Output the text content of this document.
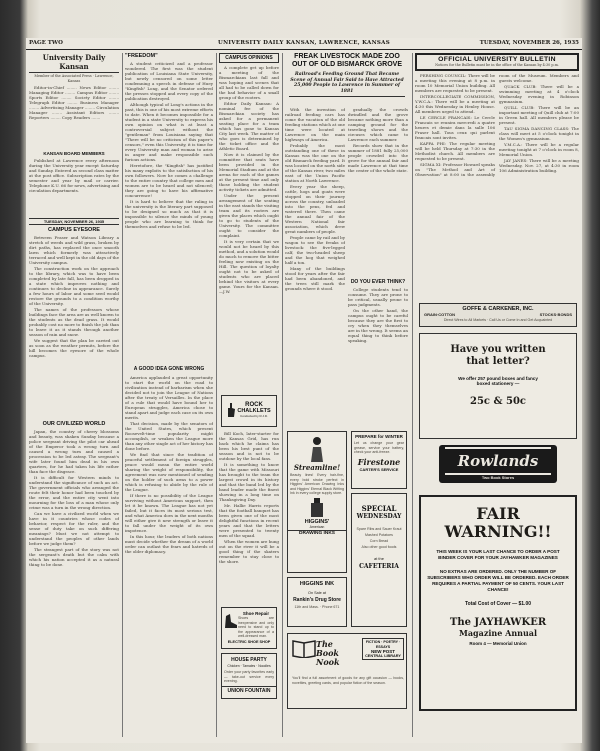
PAGE TWO	UNIVERSITY DAILY KANSAN, LAWRENCE, KANSAS	TUESDAY, NOVEMBER 26, 1935
University Daily Kansan
Member of the Associated Press · Lawrence, Kansas

Editor-in-Chief ........ News Editor ........ Managing Editor ........ Campus Editor ........ Sports Editor ........ Society Editor ........ Telegraph Editor ........ Business Manager ........ Advertising Manager ........ Circulation Manager ........ Assistant Editors ........ Reporters ........ Copy Readers .......

KANSAN BOARD MEMBERS

Published at Lawrence every afternoon during the University year except Saturday and Sunday. Entered as second class matter at the post office. Subscription rates by the semester and year by mail or carrier. Telephone K.U. 66 for news, advertising and circulation departments.

TUESDAY, NOVEMBER 26, 1935
CAMPUS EYESORE

Between Fraser and Watson Library a stretch of weeds and wild grass, broken by dirt paths, has replaced the once smooth lawn which formerly was attractively terraced and well kept in the old days of the University campus.

The construction work on the approach to the library, which was to have been completed by late fall, has been dropped in a state which improves nothing and continues to decline in appearance. Surely a few hours of labor and some seed would restore the grounds to a condition worthy of the University.

The names of the professors whose buildings face the area are as well known to the students as the dead grass. It would probably cost no more to finish the job than to leave it as it stands through another season of rain and snow.

We suggest that the plan be carried out as soon as the weather permits, before the hill becomes the eyesore of the whole campus.

OUR CIVILIZED WORLD

Japan, the country of cherry blossoms and beauty, was shaken Sunday because a police sergeant driving the pilot car ahead of the Emperor took a wrong turn and caused a wrong turn and caused a procession to be led astray. The sergeant's wife later found him dead in his own quarters, for he had taken his life rather than face the disgrace.

It is difficult for Western minds to understand the significance of such an act. The government officials who arranged the route felt their honor had been touched by the error, and the entire city went into mourning for the loss of a man whose only crime was a turn in the wrong direction.

Can we have a civilized world when we have in it countries whose codes of behavior, respect for the ruler, and the sense of duty take on such differing meanings? Must we not attempt to understand the peoples of other lands before we judge them?

The strangest part of the story was not the sergeant's death but the calm with which his nation accepted it as a natural thing to be done.

"FREEDOM"

A student criticized and a professor wondered. The first was the student publication of Louisiana State University, but newly censored on some letter condemning a speech in defense of Huey "Kingfish" Long, and the Senator ordered the presses stopped and every copy of the publication destroyed.

Although typical of Long's actions in the past, this is one of his most extreme efforts to date. When it becomes impossible for a student in a state University to express his own opinion on what is at least a controversial subject without the "gentleman" from Louisiana saying that "There will be no criticism of this paper's censors," even this University, it is time for every University man and woman to arise in anger and make responsible such furious actions.

Heretofore, the "Kingfish" has justified his many exploits to the satisfaction of his own followers. Now he comes a challenge to the entire country that college men and women are to be heard and not silenced; they are going to have his affirmative concurrence!

It is hard to believe that the ruling in the university is the literary part supposed to be designed so much as that it is impossible to silence the minds of young people who are learning to think for themselves and refuse to be led.

A GOOD IDEA GONE WRONG

America applauded a great opportunity to start the world on the road to civilization instead of barbarism when she decided not to join the League of Nations after the treaty of Versailles. In the place of a rule that would have bound her to European struggles, America chose to stand apart and judge each case on its own merits.

That decision, made by the senators of the United States, which present Roosevelt-time popularity might accomplish, or weaken the League more than any other single act of her history has done before.

We find that since the tradition of peaceful settlement of foreign struggles, peace would mean the entire world sharing the weight of responsibility, the agreement was now mentioned of sending on the holder of such arms to a power which is refusing to abide by the rule of the League.

If there is no possibility of the League surviving without American support, then let it be known. The League has not yet failed, but it faces its most serious test, and what America does in the next months will either give it new strength or leave it to fall under the weight of its own impotence.

In this hour, the leaders of both nations must decide whether the dream of a world order can outlast the fears and hatreds of the older diplomacy.

CAMPUS OPINIONS

A complete get up before a meeting of the Bismarckians last fall and was hoping and scenes that all had to be called down for the bad behavior of a small group of the rooters.

Editor Daily Kansan: A nominal fee of the Bismarckian society has asked for a permanent seating place for a team which has gone to Kansas City last week. The matter of who goes is determined by the ticket office and the Athletic Board.

Now it is claimed by the committee that seats have been provided in the Memorial Stadium and at the arena for each of the games at the present time and only those holding the student activity tickets are admitted.

Under the present arrangement of the seating in the east stands the visiting team and its rooters are given the places which ought to go to students of the University. The committee ought to consider the complaint.

It is very certain that we would not be heard by this method, and a solution would do much to remove the bitter feeling now existing on the Hill. The question of loyalty ought not to be asked of students who are placed behind the visitors at every game. Yours for the Kansan. —J.W.

ROCK
CHALKLETS
Conducted by R.J.D.

Bill Koch, later-starter for the Kansas Grid, has run back which he claims has been his best punt of the season and is not to be outdone by the local fans.

It is something to know that the game with Missouri has brought to the team the largest crowd in its history and that the band led by the band leader made the finest showing in a long time on Thanksgiving Day.

Mr. Hallie Harris reports that the football banquet has been given one of the most delightful functions in recent years and that the letters were presented to twenty men of the squad.

When the women are hung out on the river it will be a good thing if the skaters remember to stay close to the shore.

Shoe Repair
Shoes are inexpensive and only need to stand up to the appearance of a well-dressed man.
ELECTRIC SHOE SHOP
HOUSE PARTY
Chicken · Tamales · Noodles
Order your party favorites early — take-out service every evening.
UNION FOUNTAIN
FREAK LIVESTOCK MADE ZOO OUT OF OLD BISMARCK GROVE
Railroad's Feeding Ground That Became Scene of Annual Fair Said to Have Attracted 25,000 People to Lawrence in Summer of 1881

With the invention of railroad feeding cars has come the vacation of the old feeding stations which at one time were located at Lawrence on the main highways of America.

Probably the most outstanding one of these in Kansas was the one on the old Bismarck feeding yard. It was located on the north side of the Kansas river, two miles east of the Union Pacific station at North Lawrence.

Every year the sheep, cattle, hogs and goats were stopped on their journey across the country, unloaded into the pens, fed and watered there. Then came the annual fair of the Western National fair association, which drew great numbers of people.

People came by rail and by wagon to see the freaks of livestock: the five-legged calf, the two-headed sheep and the hog that weighed half a ton.

Many of the buildings stood for years after the fair had been abandoned, and the trees still mark the grounds where it stood.

gradually the crowds dwindled and the grove became nothing more than a camping ground for the traveling shows and the circuses which came to Lawrence each summer.

Records show that in the summer of 1881 fully 25,000 people crowded into the grove for the annual fair and made Lawrence at that time the center of the whole state.

DO YOU EVER THINK?

College students tend to consume. They are prone to be critical, usually prone to pass judgments.

On the other hand, the campus ought to be careful because they are the first to cry when they themselves are in the wrong. It seems an equal thing to think before speaking.

PREPARE for WINTER
Let us change your gear grease, service your battery, check your anti-freeze.
Firestone
CARTER'S SERVICE
SPECIAL
WEDNESDAY
Spare Ribs and Sauer Kraut
Mashed Potatoes
Corn Bread
Also other good foods
at the
CAFETERIA
Streamline!
Beauty lines! Every hair-fine, every bold stroke perfect in Higgins' American Drawing Inks and Higgins' Eternal Black Writing Ink in every college supply store.
HIGGINS'
American
DRAWING INKS
HIGGINS INK
On Sale at
Rankin's Drug Store
11th and Mass. · Phone 671
The
Book
Nook
FICTION · POETRY · ESSAYS
NEW POST
CENTRAL LIBRARY
You'll find a full assortment of goods for any gift occasion — books, novelties, greeting cards, and popular fiction of the season.
OFFICIAL UNIVERSITY BULLETIN
Notices for the Bulletin must be in the office of the Kansan by 4:30 p.m.

PERSHING COUNCIL: There will be a meeting this evening at 8 p.m. in room 10 Memorial Union building. All members are requested to be present.

INTERCOLLEGIATE COMMISSION, Y.W.C.A.: There will be a meeting at 4:30 this Wednesday in Henley House. All members urged to attend.

LE CERCLE FRANCAIS: Le Cercle Francais se reunira mercredi a quatre heures et demie dans la salle 106 Fraser hall. Tous ceux qui parlent francais sont invites.

KAPPA PHI: The regular meeting will be held Thursday at 7:30 in the Methodist church. All members are requested to be present.

SIGMA XI: Professor Howard speaks on "The Method and Art of Observation" at 8:00 in the assembly room of the Museum. Members and guests welcome.

QUACK CLUB: There will be a swimming meeting at 4 o'clock Wednesday evening in Robinson gymnasium.

QUILL CLUB: There will be an important meeting of Quill club at 7:00 in Green hall. All members please be present.

TAU SIGMA DANCING CLASS: The class will meet at 5 o'clock tonight in the Women's gymnasium.

Y.M.C.A.: There will be a regular meeting tonight at 7 o'clock in room 8, Memorial Union.

JAY JANES: There will be a meeting Wednesday, Nov. 27, at 4:30 in room 106 Administration building.

GOFFE & CARKENER, INC.
GRAIN·COTTON	STOCKS·BONDS
Direct Wires to All Markets · Call Us or Come In and Get Acquainted
Have you written
that letter?
We offer 257 pound boxes and fancy
boxed stationery —
25c & 50c
Rowlands
Two Book Stores
FAIR
WARNING!!
THIS WEEK IS YOUR LAST CHANCE TO ORDER A POST BINDER COVER FOR YOUR JAYHAWKER MAGAZINES
NO EXTRAS ARE ORDERED. ONLY THE NUMBER OF SUBSCRIBERS WHO ORDER WILL BE ORDERED. EACH ORDER REQUIRES A PARTIAL PAYMENT OF 50 CENTS. YOUR LAST CHANCE!
Total Cost of Cover — $1.00
The JAYHAWKER
Magazine Annual
Room 4 — Memorial Union
